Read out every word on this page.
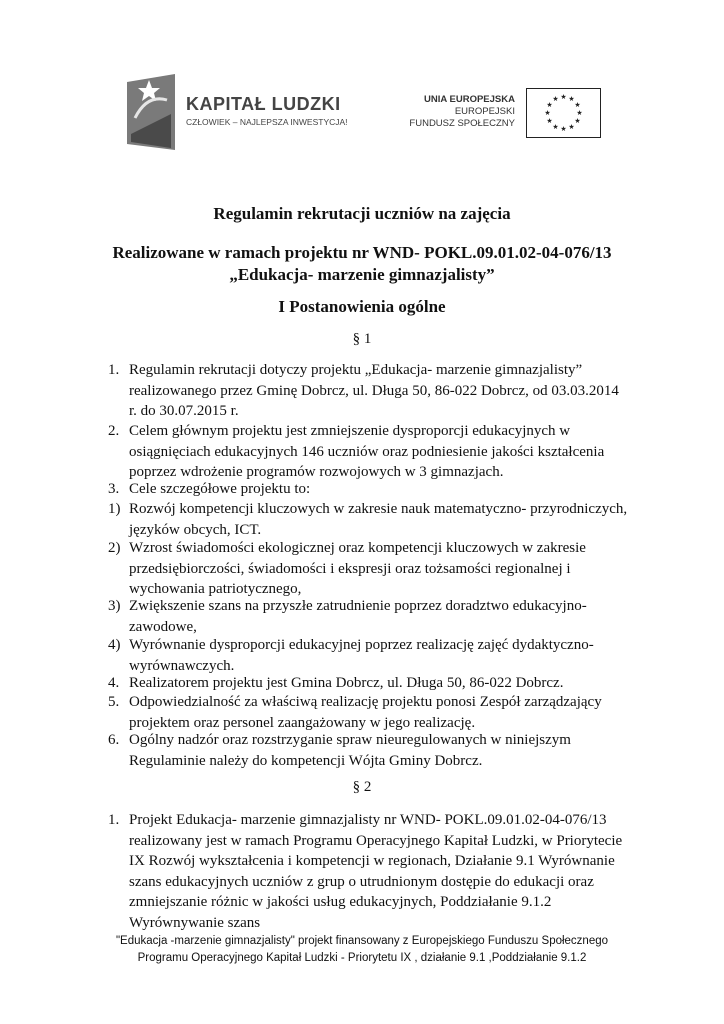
KAPITAŁ LUDZKI
CZŁOWIEK – NAJLEPSZA INWESTYCJA!
UNIA EUROPEJSKA
EUROPEJSKI
FUNDUSZ SPOŁECZNY
★ ★
★
★
★
★
★
★
★
★
★
★
Regulamin rekrutacji uczniów na zajęcia
Realizowane w ramach projektu nr WND- POKL.09.01.02-04-076/13
„Edukacja- marzenie gimnazjalisty”
I Postanowienia ogólne
§ 1
1. Regulamin rekrutacji dotyczy projektu „Edukacja- marzenie gimnazjalisty” realizowanego przez Gminę Dobrcz, ul. Długa 50, 86-022 Dobrcz, od 03.03.2014 r. do 30.07.2015 r.
2. Celem głównym projektu jest zmniejszenie dysproporcji edukacyjnych w osiągnięciach edukacyjnych 146 uczniów oraz podniesienie jakości kształcenia poprzez wdrożenie programów rozwojowych w 3 gimnazjach.
3. Cele szczegółowe projektu to:
1) Rozwój kompetencji kluczowych w zakresie nauk matematyczno- przyrodniczych, języków obcych, ICT.
2) Wzrost świadomości ekologicznej oraz kompetencji kluczowych w zakresie przedsiębiorczości, świadomości i ekspresji oraz tożsamości regionalnej i wychowania patriotycznego,
3) Zwiększenie szans na przyszłe zatrudnienie poprzez doradztwo edukacyjno- zawodowe,
4) Wyrównanie dysproporcji edukacyjnej poprzez realizację zajęć dydaktyczno- wyrównawczych.
4. Realizatorem projektu jest Gmina Dobrcz, ul. Długa 50, 86-022 Dobrcz.
5. Odpowiedzialność za właściwą realizację projektu ponosi Zespół zarządzający projektem oraz personel zaangażowany w jego realizację.
6. Ogólny nadzór oraz rozstrzyganie spraw nieuregulowanych w niniejszym Regulaminie należy do kompetencji Wójta Gminy Dobrcz.
§ 2
1. Projekt Edukacja- marzenie gimnazjalisty nr WND- POKL.09.01.02-04-076/13 realizowany jest w ramach Programu Operacyjnego Kapitał Ludzki, w Priorytecie IX Rozwój wykształcenia i kompetencji w regionach, Działanie 9.1 Wyrównanie szans edukacyjnych uczniów z grup o utrudnionym dostępie do edukacji oraz zmniejszanie różnic w jakości usług edukacyjnych, Poddziałanie 9.1.2 Wyrównywanie szans
"Edukacja -marzenie gimnazjalisty" projekt finansowany z Europejskiego Funduszu Społecznego
Programu Operacyjnego Kapitał Ludzki - Priorytetu IX , działanie 9.1 ,Poddziałanie 9.1.2
